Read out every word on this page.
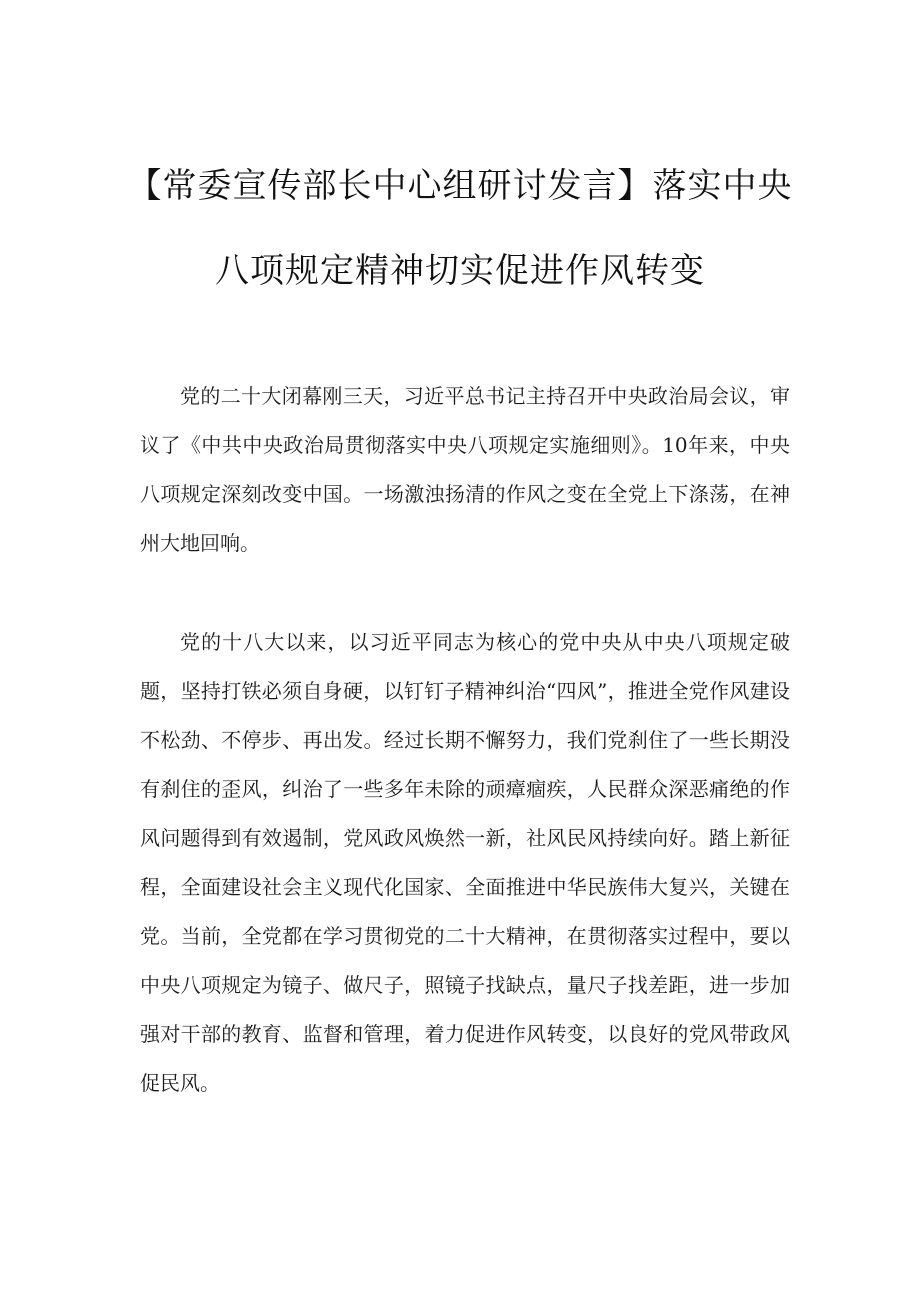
【常委宣传部长中心组研讨发言】落实中央
八项规定精神切实促进作风转变

党的二十大闭幕刚三天，习近平总书记主持召开中央政治局会议，审议了《中共中央政治局贯彻落实中央八项规定实施细则》。10年来，中央八项规定深刻改变中国。一场激浊扬清的作风之变在全党上下涤荡，在神州大地回响。

党的十八大以来，以习近平同志为核心的党中央从中央八项规定破题，坚持打铁必须自身硬，以钉钉子精神纠治“四风”，推进全党作风建设不松劲、不停步、再出发。经过长期不懈努力，我们党刹住了一些长期没有刹住的歪风，纠治了一些多年未除的顽瘴痼疾，人民群众深恶痛绝的作风问题得到有效遏制，党风政风焕然一新，社风民风持续向好。踏上新征程，全面建设社会主义现代化国家、全面推进中华民族伟大复兴，关键在党。当前，全党都在学习贯彻党的二十大精神，在贯彻落实过程中，要以中央八项规定为镜子、做尺子，照镜子找缺点，量尺子找差距，进一步加强对干部的教育、监督和管理，着力促进作风转变，以良好的党风带政风促民风。
